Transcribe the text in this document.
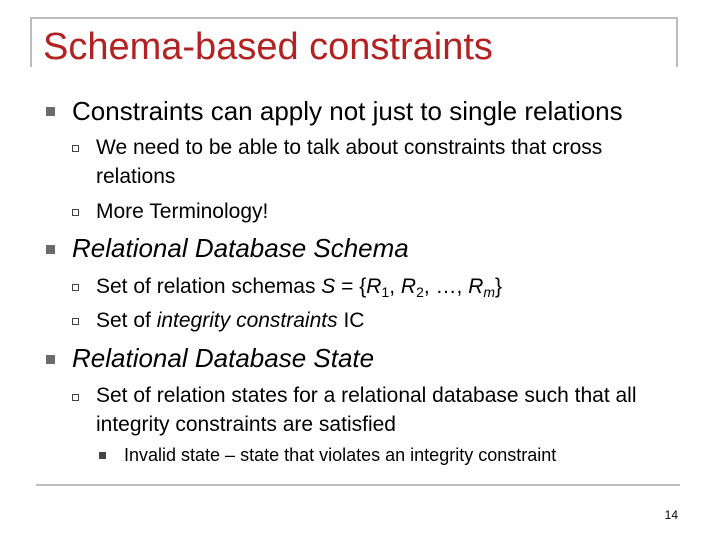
Schema-based constraints
Constraints can apply not just to single relations
We need to be able to talk about constraints that cross relations
More Terminology!
Relational Database Schema
Set of relation schemas $S = \{R_1$, $R_2$, …, $R_m$}
Set of integrity constraints IC
Relational Database State
Set of relation states for a relational database such that all integrity constraints are satisfied
Invalid state – state that violates an integrity constraint
14
